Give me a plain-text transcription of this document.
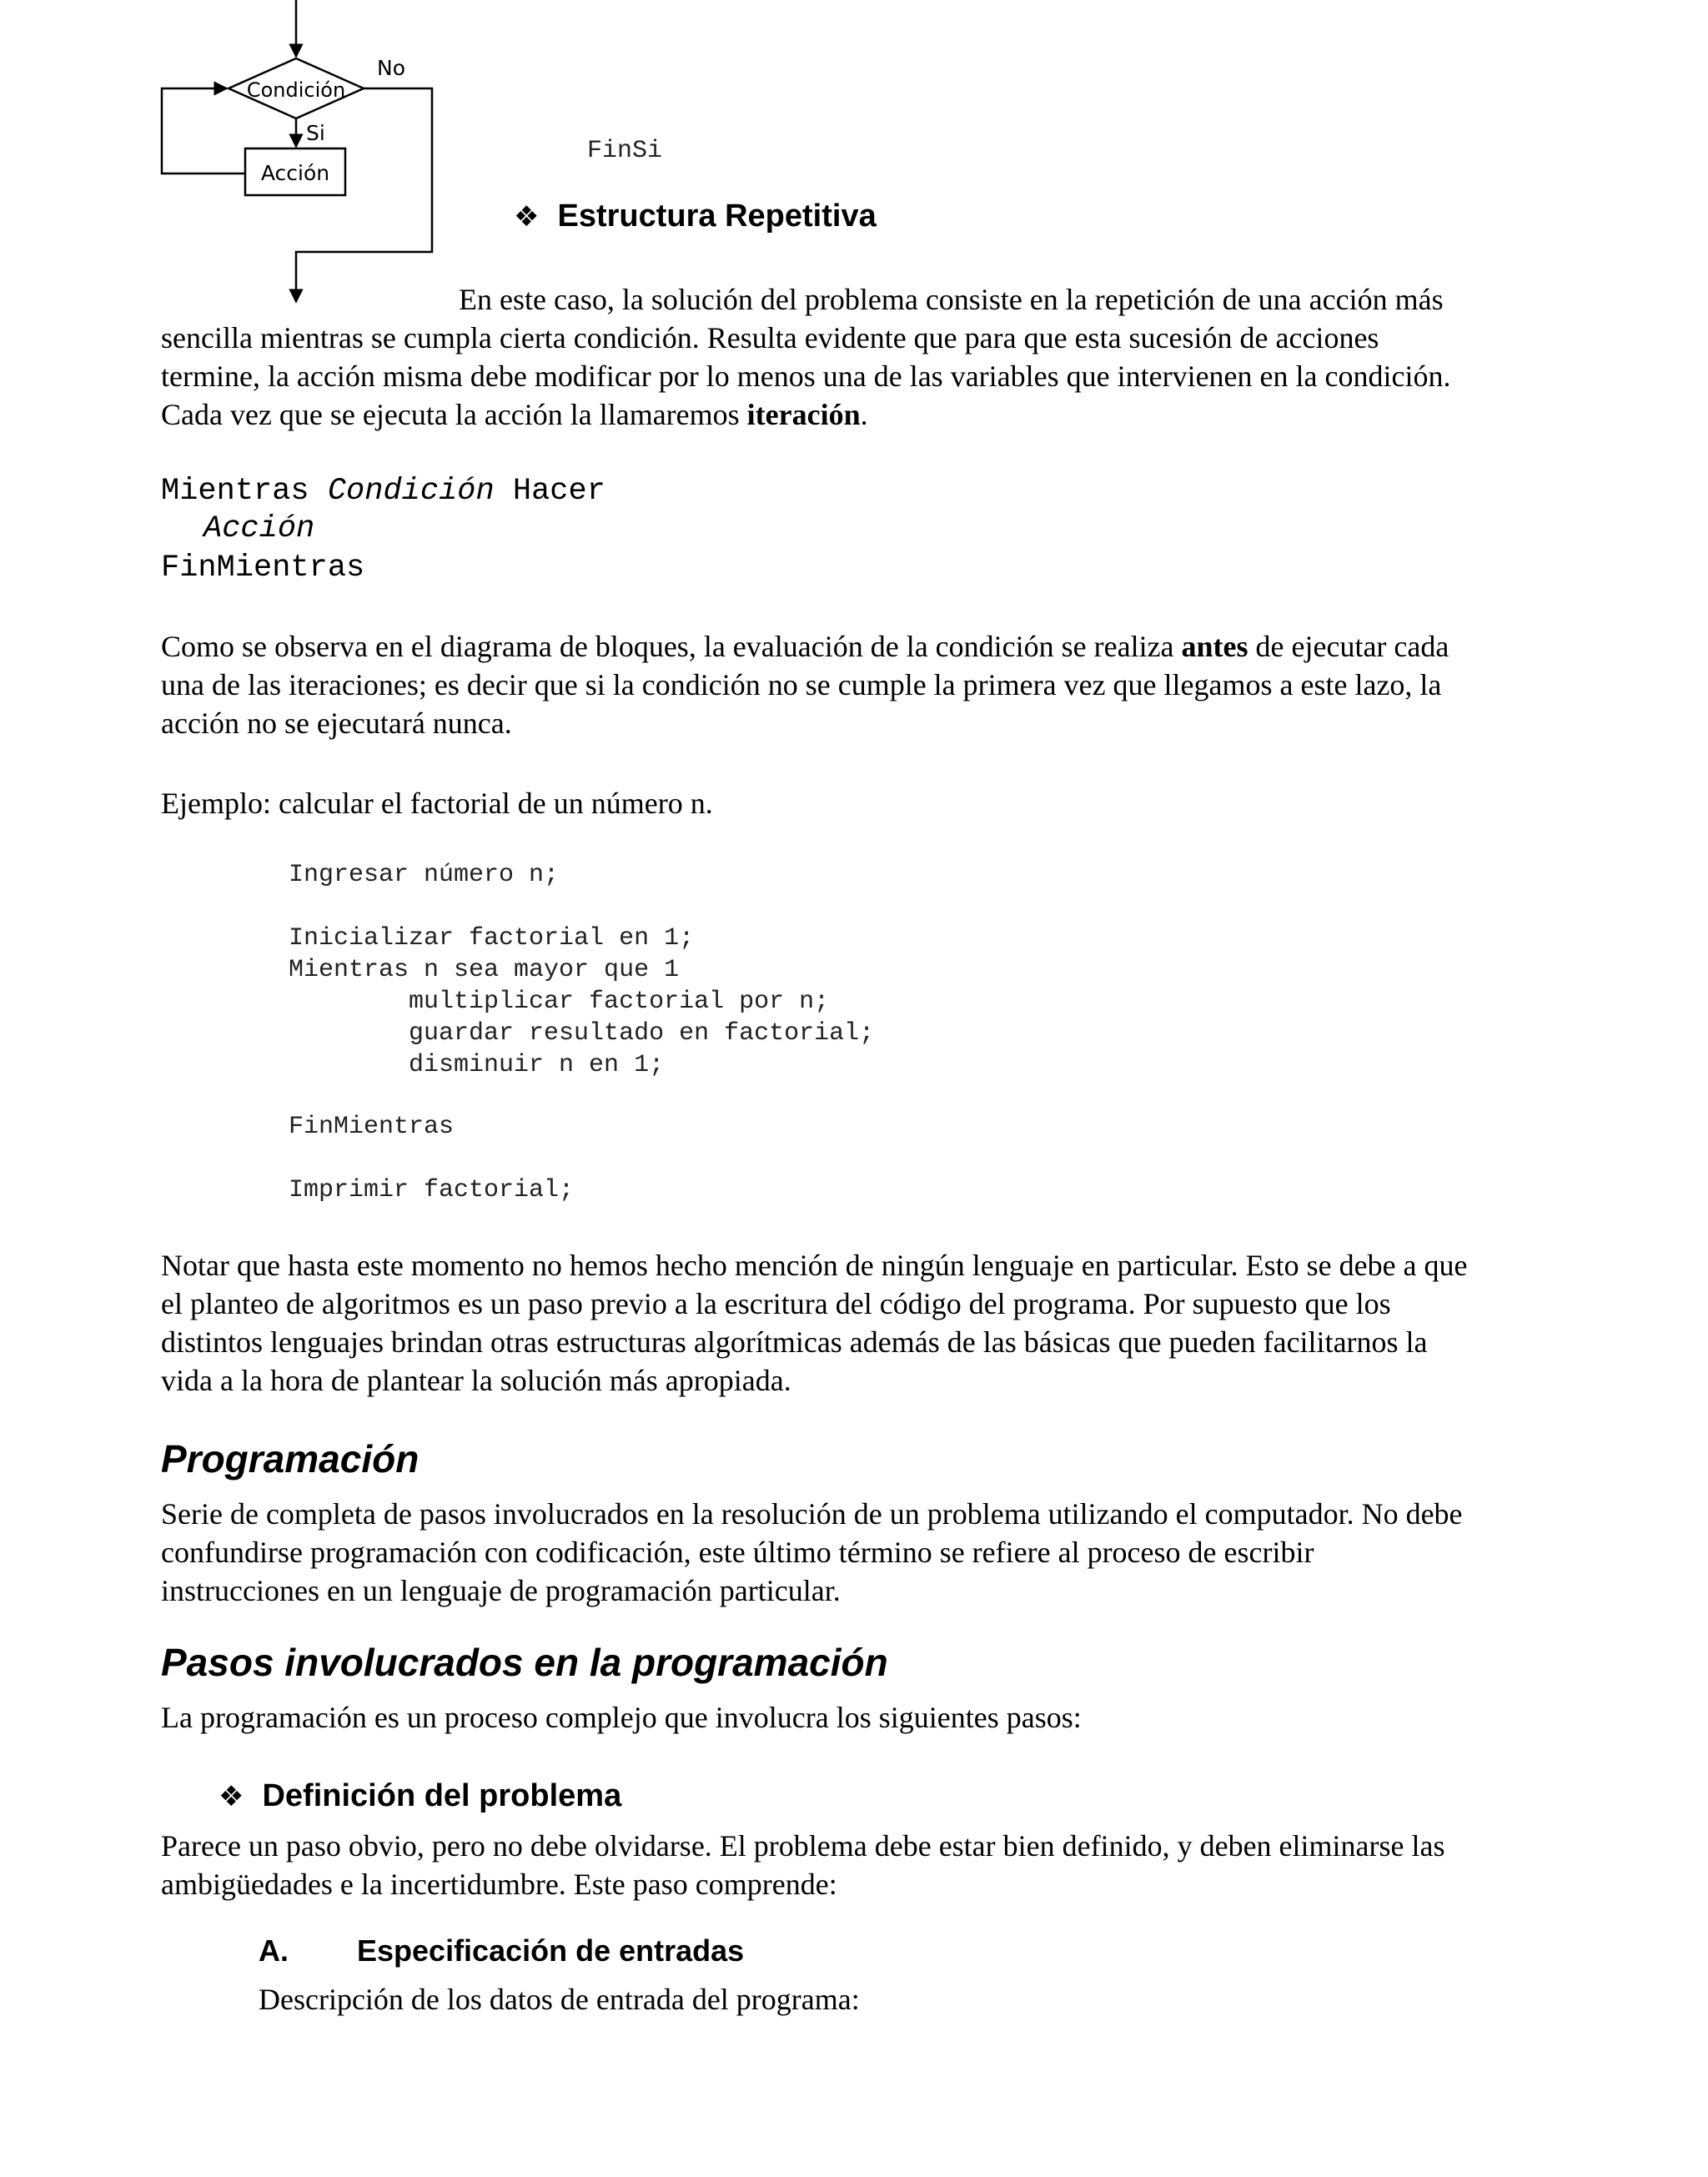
Condición
No
Si
Acción
FinSi
❖ Estructura Repetitiva
En este caso, la solución del problema consiste en la repetición de una acción más
sencilla mientras se cumpla cierta condición. Resulta evidente que para que esta sucesión de acciones
termine, la acción misma debe modificar por lo menos una de las variables que intervienen en la condición.
Cada vez que se ejecuta la acción la llamaremos iteración.
Mientras Condición Hacer
Acción
FinMientras
Como se observa en el diagrama de bloques, la evaluación de la condición se realiza antes de ejecutar cada
una de las iteraciones; es decir que si la condición no se cumple la primera vez que llegamos a este lazo, la
acción no se ejecutará nunca.
Ejemplo: calcular el factorial de un número n.
Ingresar número n;
Inicializar factorial en 1;
Mientras n sea mayor que 1
multiplicar factorial por n;
guardar resultado en factorial;
disminuir n en 1;
FinMientras
Imprimir factorial;
Notar que hasta este momento no hemos hecho mención de ningún lenguaje en particular. Esto se debe a que
el planteo de algoritmos es un paso previo a la escritura del código del programa. Por supuesto que los
distintos lenguajes brindan otras estructuras algorítmicas además de las básicas que pueden facilitarnos la
vida a la hora de plantear la solución más apropiada.
Programación
Serie de completa de pasos involucrados en la resolución de un problema utilizando el computador. No debe
confundirse programación con codificación, este último término se refiere al proceso de escribir
instrucciones en un lenguaje de programación particular.
Pasos involucrados en la programación
La programación es un proceso complejo que involucra los siguientes pasos:
❖ Definición del problema
Parece un paso obvio, pero no debe olvidarse. El problema debe estar bien definido, y deben eliminarse las
ambigüedades e la incertidumbre. Este paso comprende:
A. Especificación de entradas
Descripción de los datos de entrada del programa:
